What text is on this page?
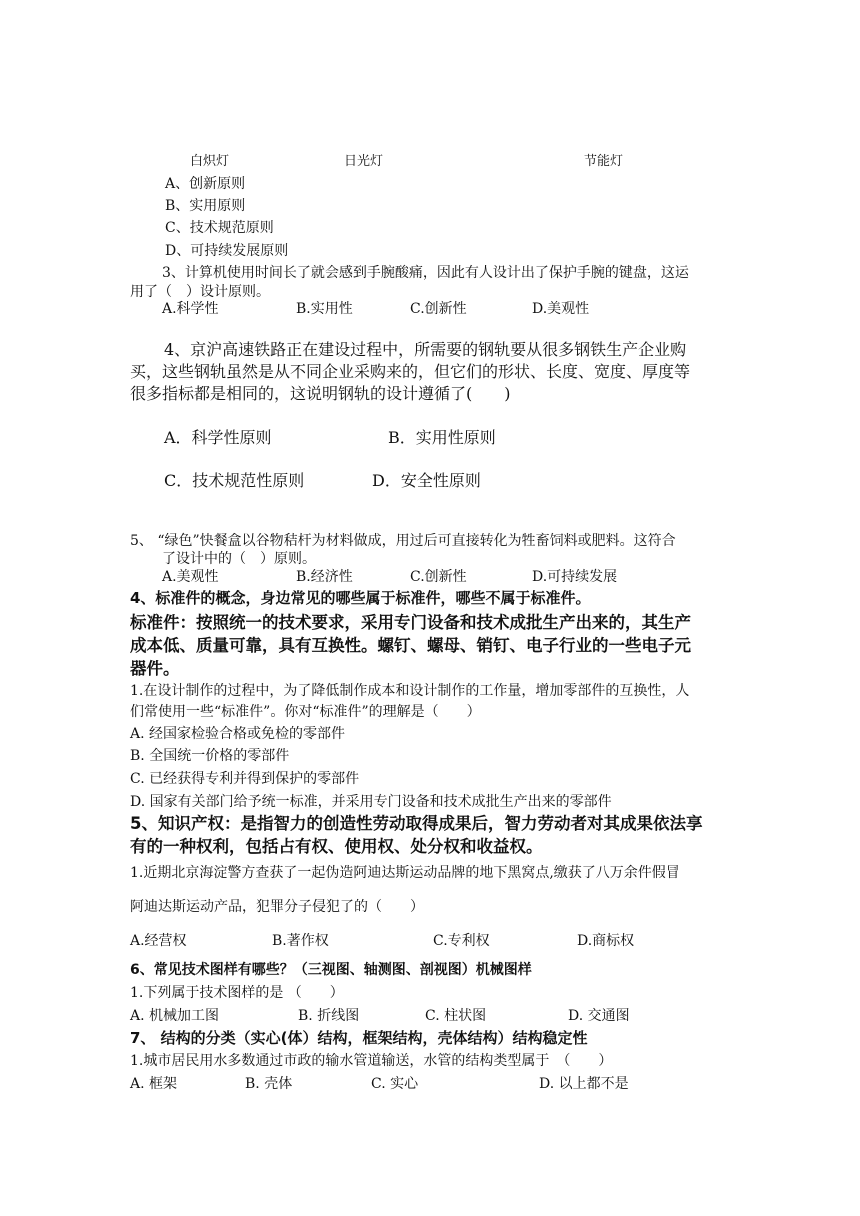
白炽灯	日光灯	节能灯
A、创新原则
B、实用原则
C、技术规范原则
D、可持续发展原则
3、计算机使用时间长了就会感到手腕酸痛，因此有人设计出了保护手腕的键盘，这运
用了（　）设计原则。
A.科学性	B.实用性	C.创新性	D.美观性
4、京沪高速铁路正在建设过程中，所需要的钢轨要从很多钢铁生产企业购
买，这些钢轨虽然是从不同企业采购来的，但它们的形状、长度、宽度、厚度等
很多指标都是相同的，这说明钢轨的设计遵循了(　　)
A．科学性原则	B．实用性原则
C．技术规范性原则	D．安全性原则
5、 “绿色”快餐盒以谷物秸杆为材料做成，用过后可直接转化为牲畜饲料或肥料。这符合
了设计中的（　）原则。
A.美观性	B.经济性	C.创新性	D.可持续发展
4、标准件的概念，身边常见的哪些属于标准件，哪些不属于标准件。
标准件：按照统一的技术要求，采用专门设备和技术成批生产出来的，其生产
成本低、质量可靠，具有互换性。螺钉、螺母、销钉、电子行业的一些电子元
器件。
1.在设计制作的过程中，为了降低制作成本和设计制作的工作量，增加零部件的互换性，人
们常使用一些“标准件”。你对“标准件”的理解是（　　）
A. 经国家检验合格或免检的零部件
B. 全国统一价格的零部件
C. 已经获得专利并得到保护的零部件
D. 国家有关部门给予统一标准，并采用专门设备和技术成批生产出来的零部件
5、知识产权：是指智力的创造性劳动取得成果后，智力劳动者对其成果依法享
有的一种权利，包括占有权、使用权、处分权和收益权。
1.近期北京海淀警方查获了一起伪造阿迪达斯运动品牌的地下黑窝点,缴获了八万余件假冒
阿迪达斯运动产品，犯罪分子侵犯了的（　　）
A.经营权	B.著作权	C.专利权	D.商标权
6、常见技术图样有哪些？（三视图、轴测图、剖视图）机械图样
1.下列属于技术图样的是 （　　）
A. 机械加工图	B. 折线图	C. 柱状图	D. 交通图
7、 结构的分类（实心(体）结构，框架结构，壳体结构）结构稳定性
1.城市居民用水多数通过市政的输水管道输送，水管的结构类型属于　（　　）
A. 框架	B. 壳体	C. 实心	D. 以上都不是
